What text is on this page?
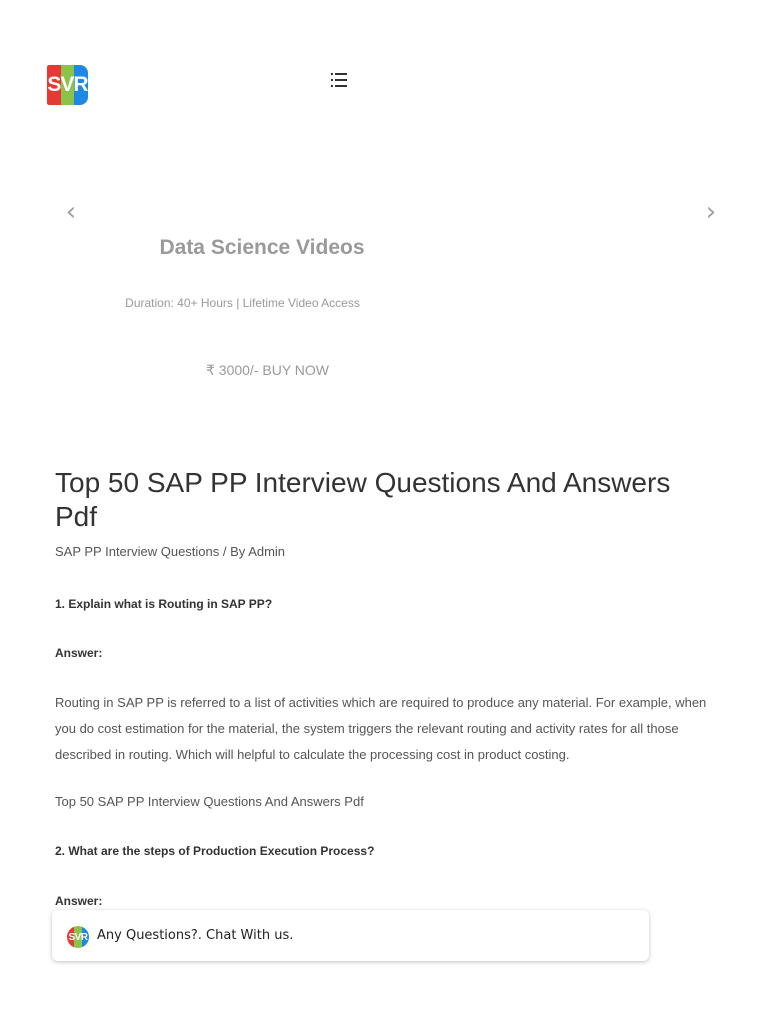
SVR
‹	›
Data Science Videos
Duration: 40+ Hours | Lifetime Video Access
₹ 3000/- BUY NOW
Top 50 SAP PP Interview Questions And Answers Pdf
SAP PP Interview Questions / By Admin
1. Explain what is Routing in SAP PP?
Answer:

Routing in SAP PP is referred to a list of activities which are required to produce any material. For example, when you do cost estimation for the material, the system triggers the relevant routing and activity rates for all those described in routing. Which will helpful to calculate the processing cost in product costing.

Top 50 SAP PP Interview Questions And Answers Pdf
2. What are the steps of Production Execution Process?
Answer:
SVR Any Questions?. Chat With us.
